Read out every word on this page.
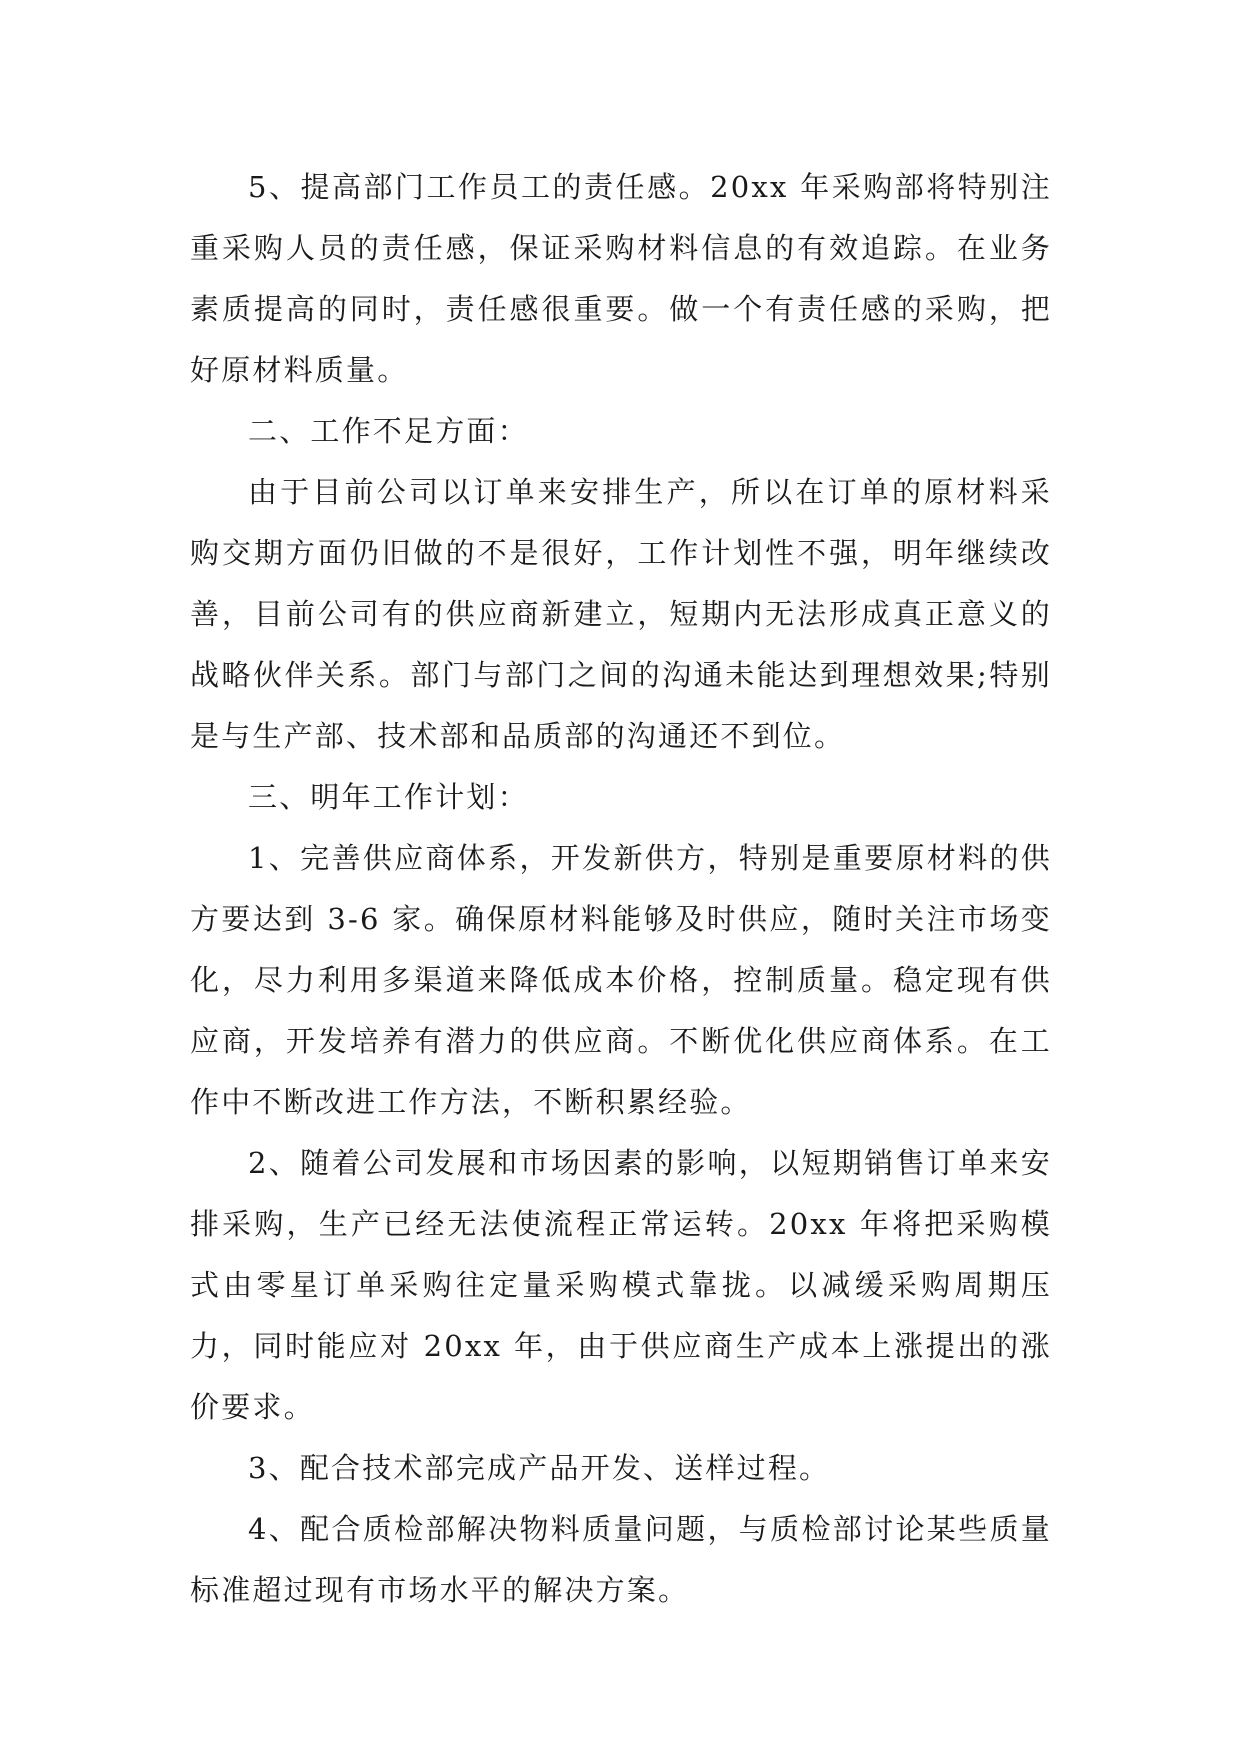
5、提高部门工作员工的责任感。20xx 年采购部将特别注重采购人员的责任感，保证采购材料信息的有效追踪。在业务素质提高的同时，责任感很重要。做一个有责任感的采购，把好原材料质量。

二、工作不足方面：

由于目前公司以订单来安排生产，所以在订单的原材料采购交期方面仍旧做的不是很好，工作计划性不强，明年继续改善，目前公司有的供应商新建立，短期内无法形成真正意义的战略伙伴关系。部门与部门之间的沟通未能达到理想效果;特别是与生产部、技术部和品质部的沟通还不到位。

三、明年工作计划：

1、完善供应商体系，开发新供方，特别是重要原材料的供方要达到 3-6 家。确保原材料能够及时供应，随时关注市场变化，尽力利用多渠道来降低成本价格，控制质量。稳定现有供应商，开发培养有潜力的供应商。不断优化供应商体系。在工作中不断改进工作方法，不断积累经验。

2、随着公司发展和市场因素的影响，以短期销售订单来安排采购，生产已经无法使流程正常运转。20xx 年将把采购模式由零星订单采购往定量采购模式靠拢。以减缓采购周期压力，同时能应对 20xx 年，由于供应商生产成本上涨提出的涨价要求。

3、配合技术部完成产品开发、送样过程。

4、配合质检部解决物料质量问题，与质检部讨论某些质量标准超过现有市场水平的解决方案。
